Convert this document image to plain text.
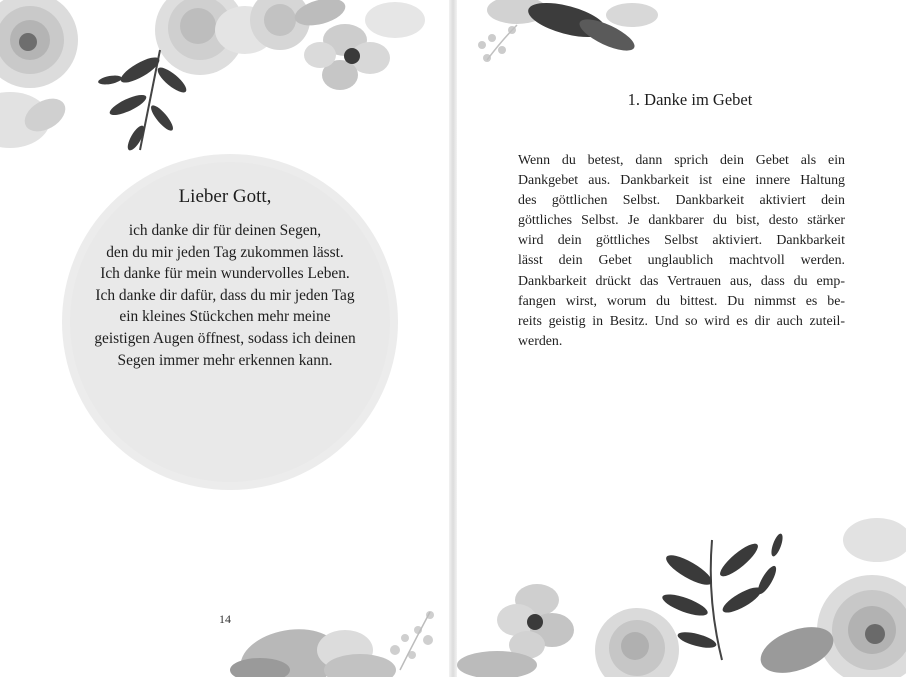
Lieber Gott,
ich danke dir für deinen Segen,
den du mir jeden Tag zukommen lässt.
Ich danke für mein wundervolles Leben.
Ich danke dir dafür, dass du mir jeden Tag
ein kleines Stückchen mehr meine
geistigen Augen öffnest, sodass ich deinen
Segen immer mehr erkennen kann.
14
1. Danke im Gebet
Wenn du betest, dann sprich dein Gebet als ein
Dankgebet aus. Dankbarkeit ist eine innere Haltung
des göttlichen Selbst. Dankbarkeit aktiviert dein
göttliches Selbst. Je dankbarer du bist, desto stärker
wird dein göttliches Selbst aktiviert. Dankbarkeit
lässt dein Gebet unglaublich machtvoll werden.
Dankbarkeit drückt das Vertrauen aus, dass du emp-
fangen wirst, worum du bittest. Du nimmst es be-
reits geistig in Besitz. Und so wird es dir auch zuteil-
werden.
